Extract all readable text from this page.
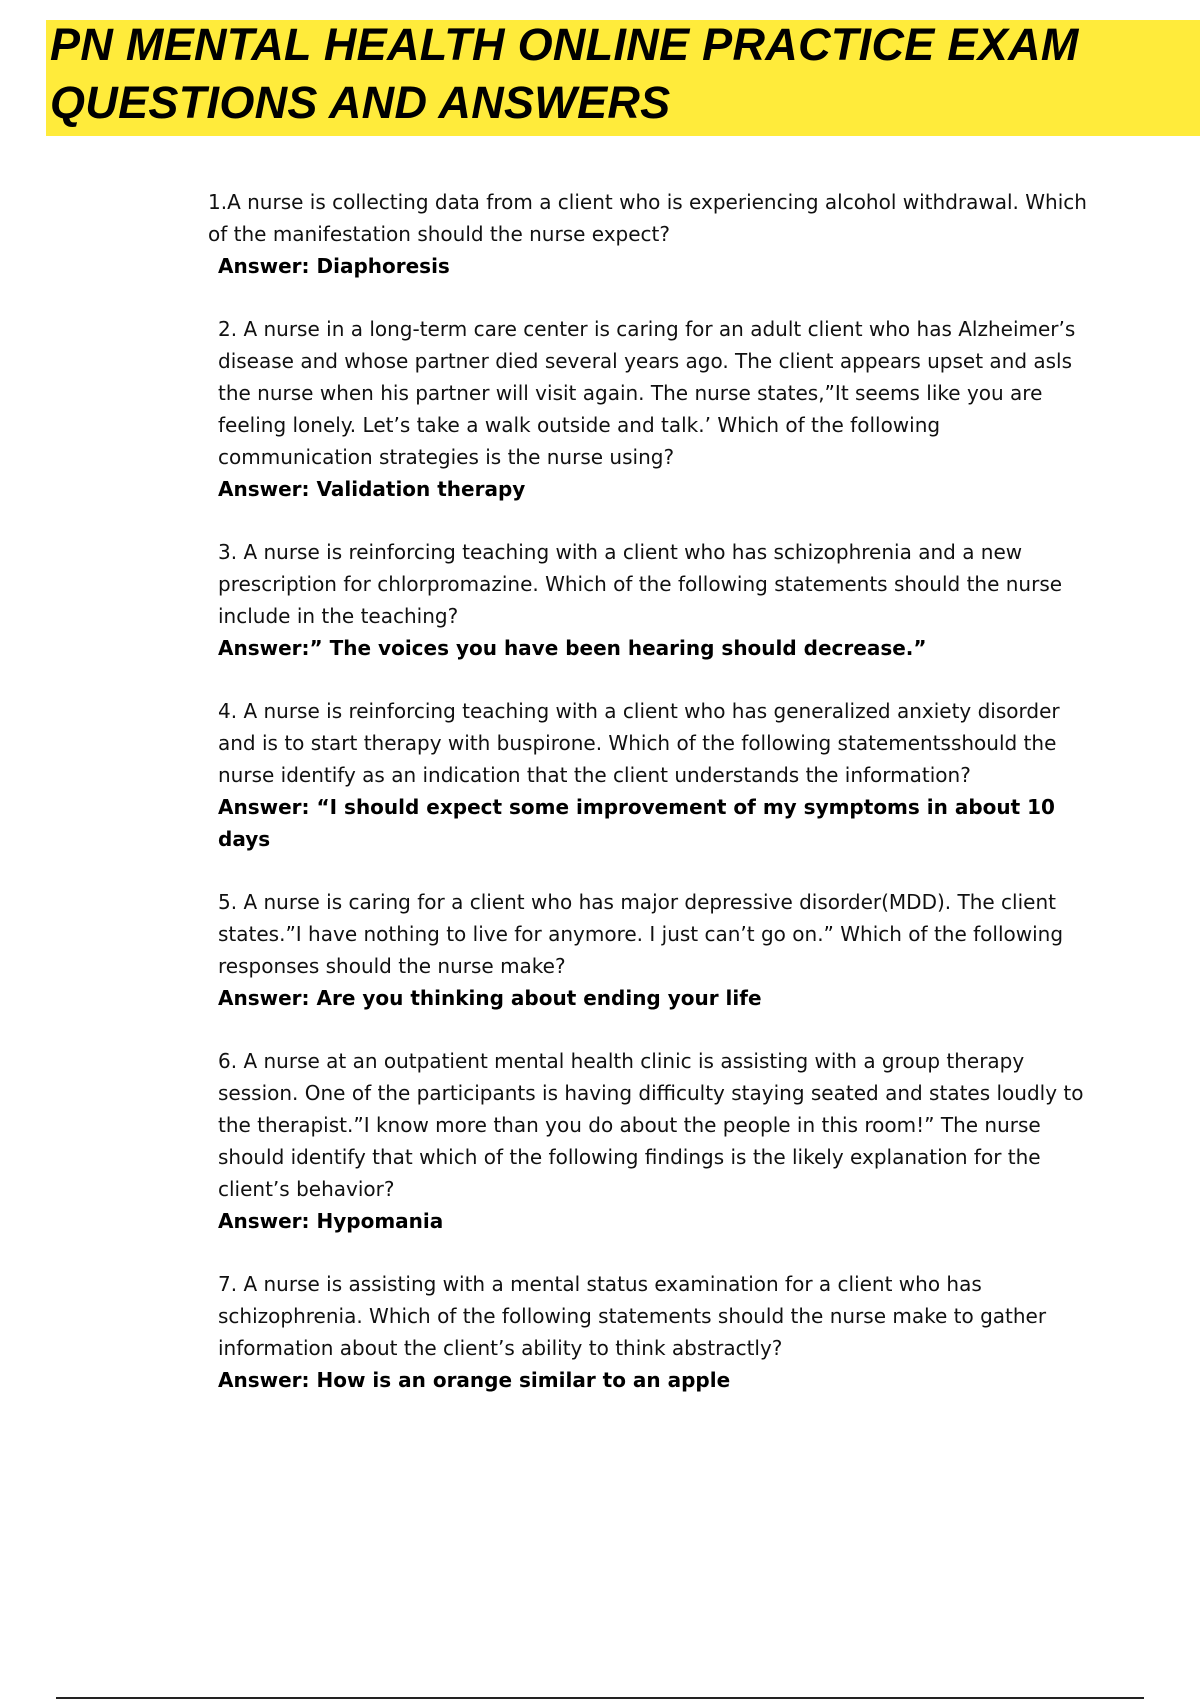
PN MENTAL HEALTH ONLINE PRACTICE EXAM QUESTIONS AND ANSWERS

1.A nurse is collecting data from a client who is experiencing alcohol withdrawal. Which of the manifestation should the nurse expect?

Answer: Diaphoresis

2. A nurse in a long-term care center is caring for an adult client who has Alzheimer’s disease and whose partner died several years ago. The client appears upset and asls the nurse when his partner will visit again. The nurse states,”It seems like you are feeling lonely. Let’s take a walk outside and talk.’ Which of the following communication strategies is the nurse using?

Answer: Validation therapy

3. A nurse is reinforcing teaching with a client who has schizophrenia and a new prescription for chlorpromazine. Which of the following statements should the nurse include in the teaching?

Answer:” The voices you have been hearing should decrease.”

4. A nurse is reinforcing teaching with a client who has generalized anxiety disorder and is to start therapy with buspirone. Which of the following statementsshould the nurse identify as an indication that the client understands the information?

Answer: “I should expect some improvement of my symptoms in about 10 days

5. A nurse is caring for a client who has major depressive disorder(MDD). The client states.”I have nothing to live for anymore. I just can’t go on.” Which of the following responses should the nurse make?

Answer: Are you thinking about ending your life

6. A nurse at an outpatient mental health clinic is assisting with a group therapy session. One of the participants is having difficulty staying seated and states loudly to the therapist.”I know more than you do about the people in this room!” The nurse should identify that which of the following findings is the likely explanation for the client’s behavior?

Answer: Hypomania

7. A nurse is assisting with a mental status examination for a client who has schizophrenia. Which of the following statements should the nurse make to gather information about the client’s ability to think abstractly?

Answer: How is an orange similar to an apple
